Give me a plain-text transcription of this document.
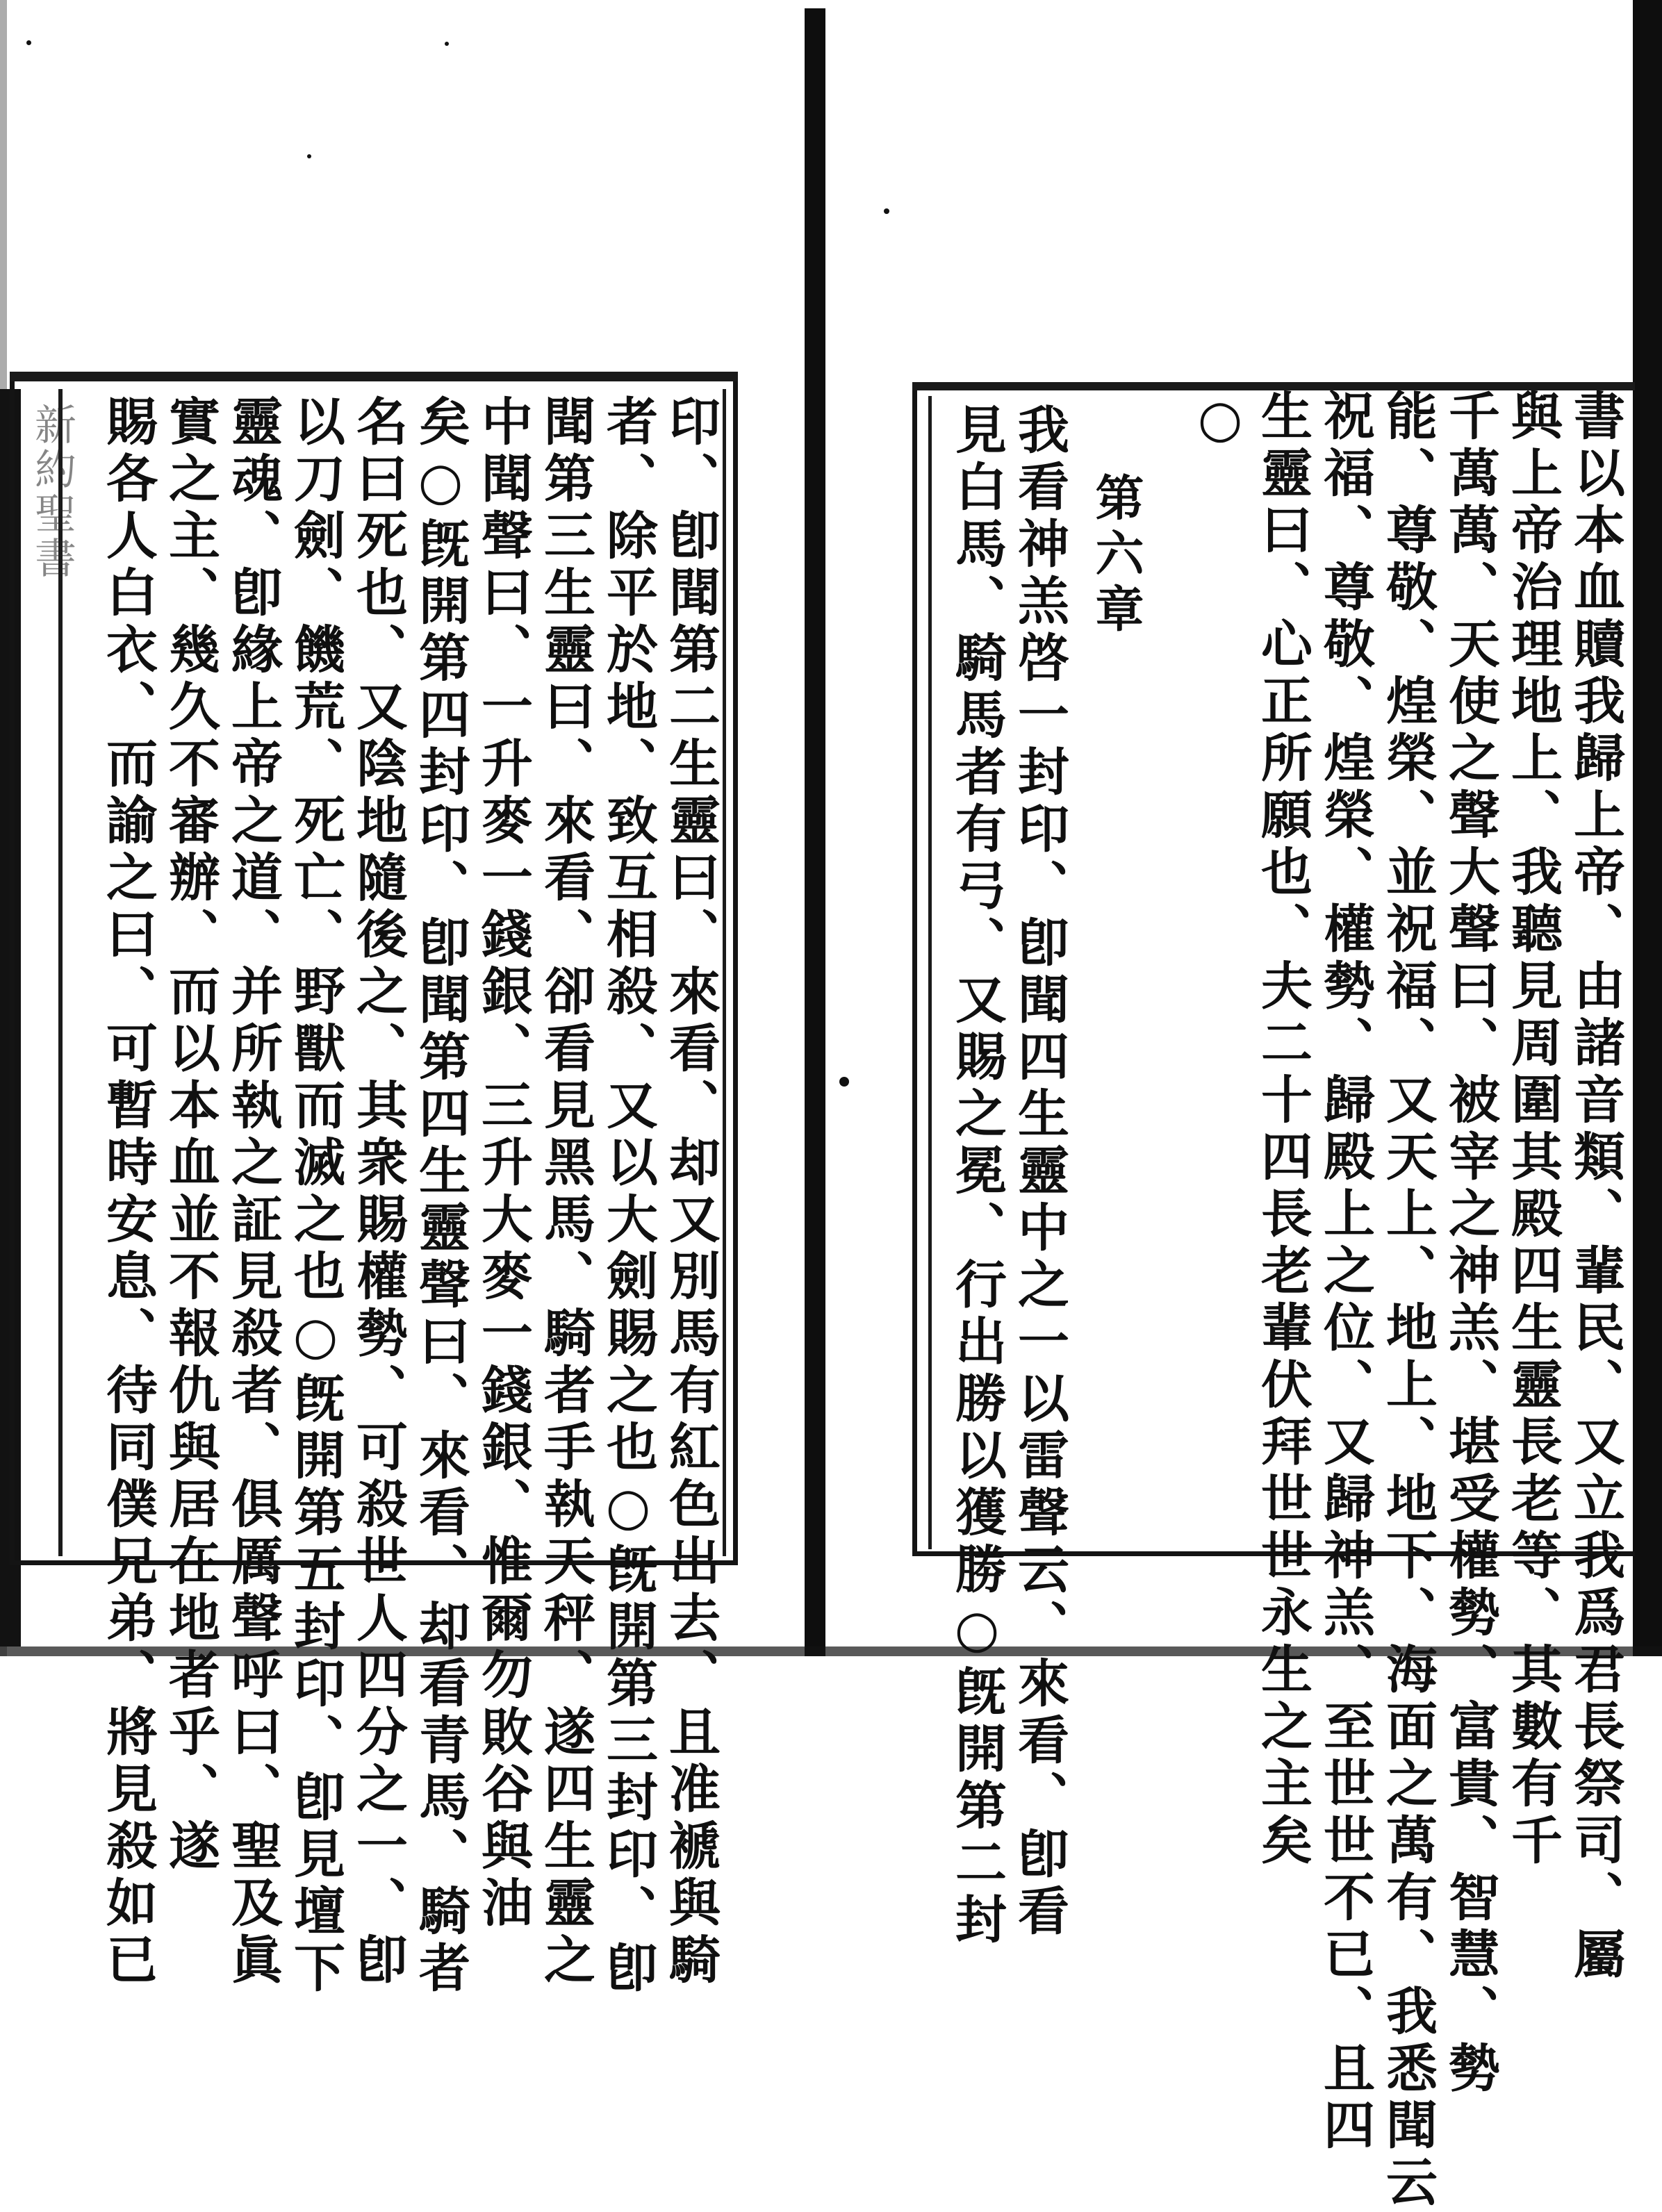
新約聖書	印、卽聞第二生靈曰、來看、却又別馬有紅色出去、且准褫與騎
者、除平於地、致互相殺、又以大劍賜之也○旣開第三封印、卽
聞第三生靈曰、來看、卻看見黑馬、騎者手執天秤、遂四生靈之
中聞聲曰、一升麥一錢銀、三升大麥一錢銀、惟爾勿敗谷與油
矣○旣開第四封印、卽聞第四生靈聲曰、來看、却看青馬、騎者
名曰死也、又陰地隨後之、其衆賜權勢、可殺世人四分之一、卽
以刀劍、饑荒、死亡、野獸而滅之也○旣開第五封印、卽見壇下
靈魂、卽緣上帝之道、并所執之証見殺者、俱厲聲呼曰、聖及眞
實之主、幾久不審辦、而以本血並不報仇與居在地者乎、遂
賜各人白衣、而諭之曰、可暫時安息、待同僕兄弟、將見殺如已	書以本血贖我歸上帝、由諸音類、輩民、又立我爲君長祭司、屬
與上帝治理地上、我聽見周圍其殿四生靈長老等、其數有千
千萬萬、天使之聲大聲曰、被宰之神羔、堪受權勢、富貴、智慧、勢
能、尊敬、煌榮、並祝福、又天上、地上、地下、海面之萬有、我悉聞云
祝福、尊敬、煌榮、權勢、歸殿上之位、又歸神羔、至世世不已、且四
生靈曰、心正所願也、夫二十四長老輩伏拜世世永生之主矣
○
第六章
我看神羔啓一封印、卽聞四生靈中之一以雷聲云、來看、卽看
見白馬、騎馬者有弓、又賜之冕、行出勝以獲勝○旣開第二封
